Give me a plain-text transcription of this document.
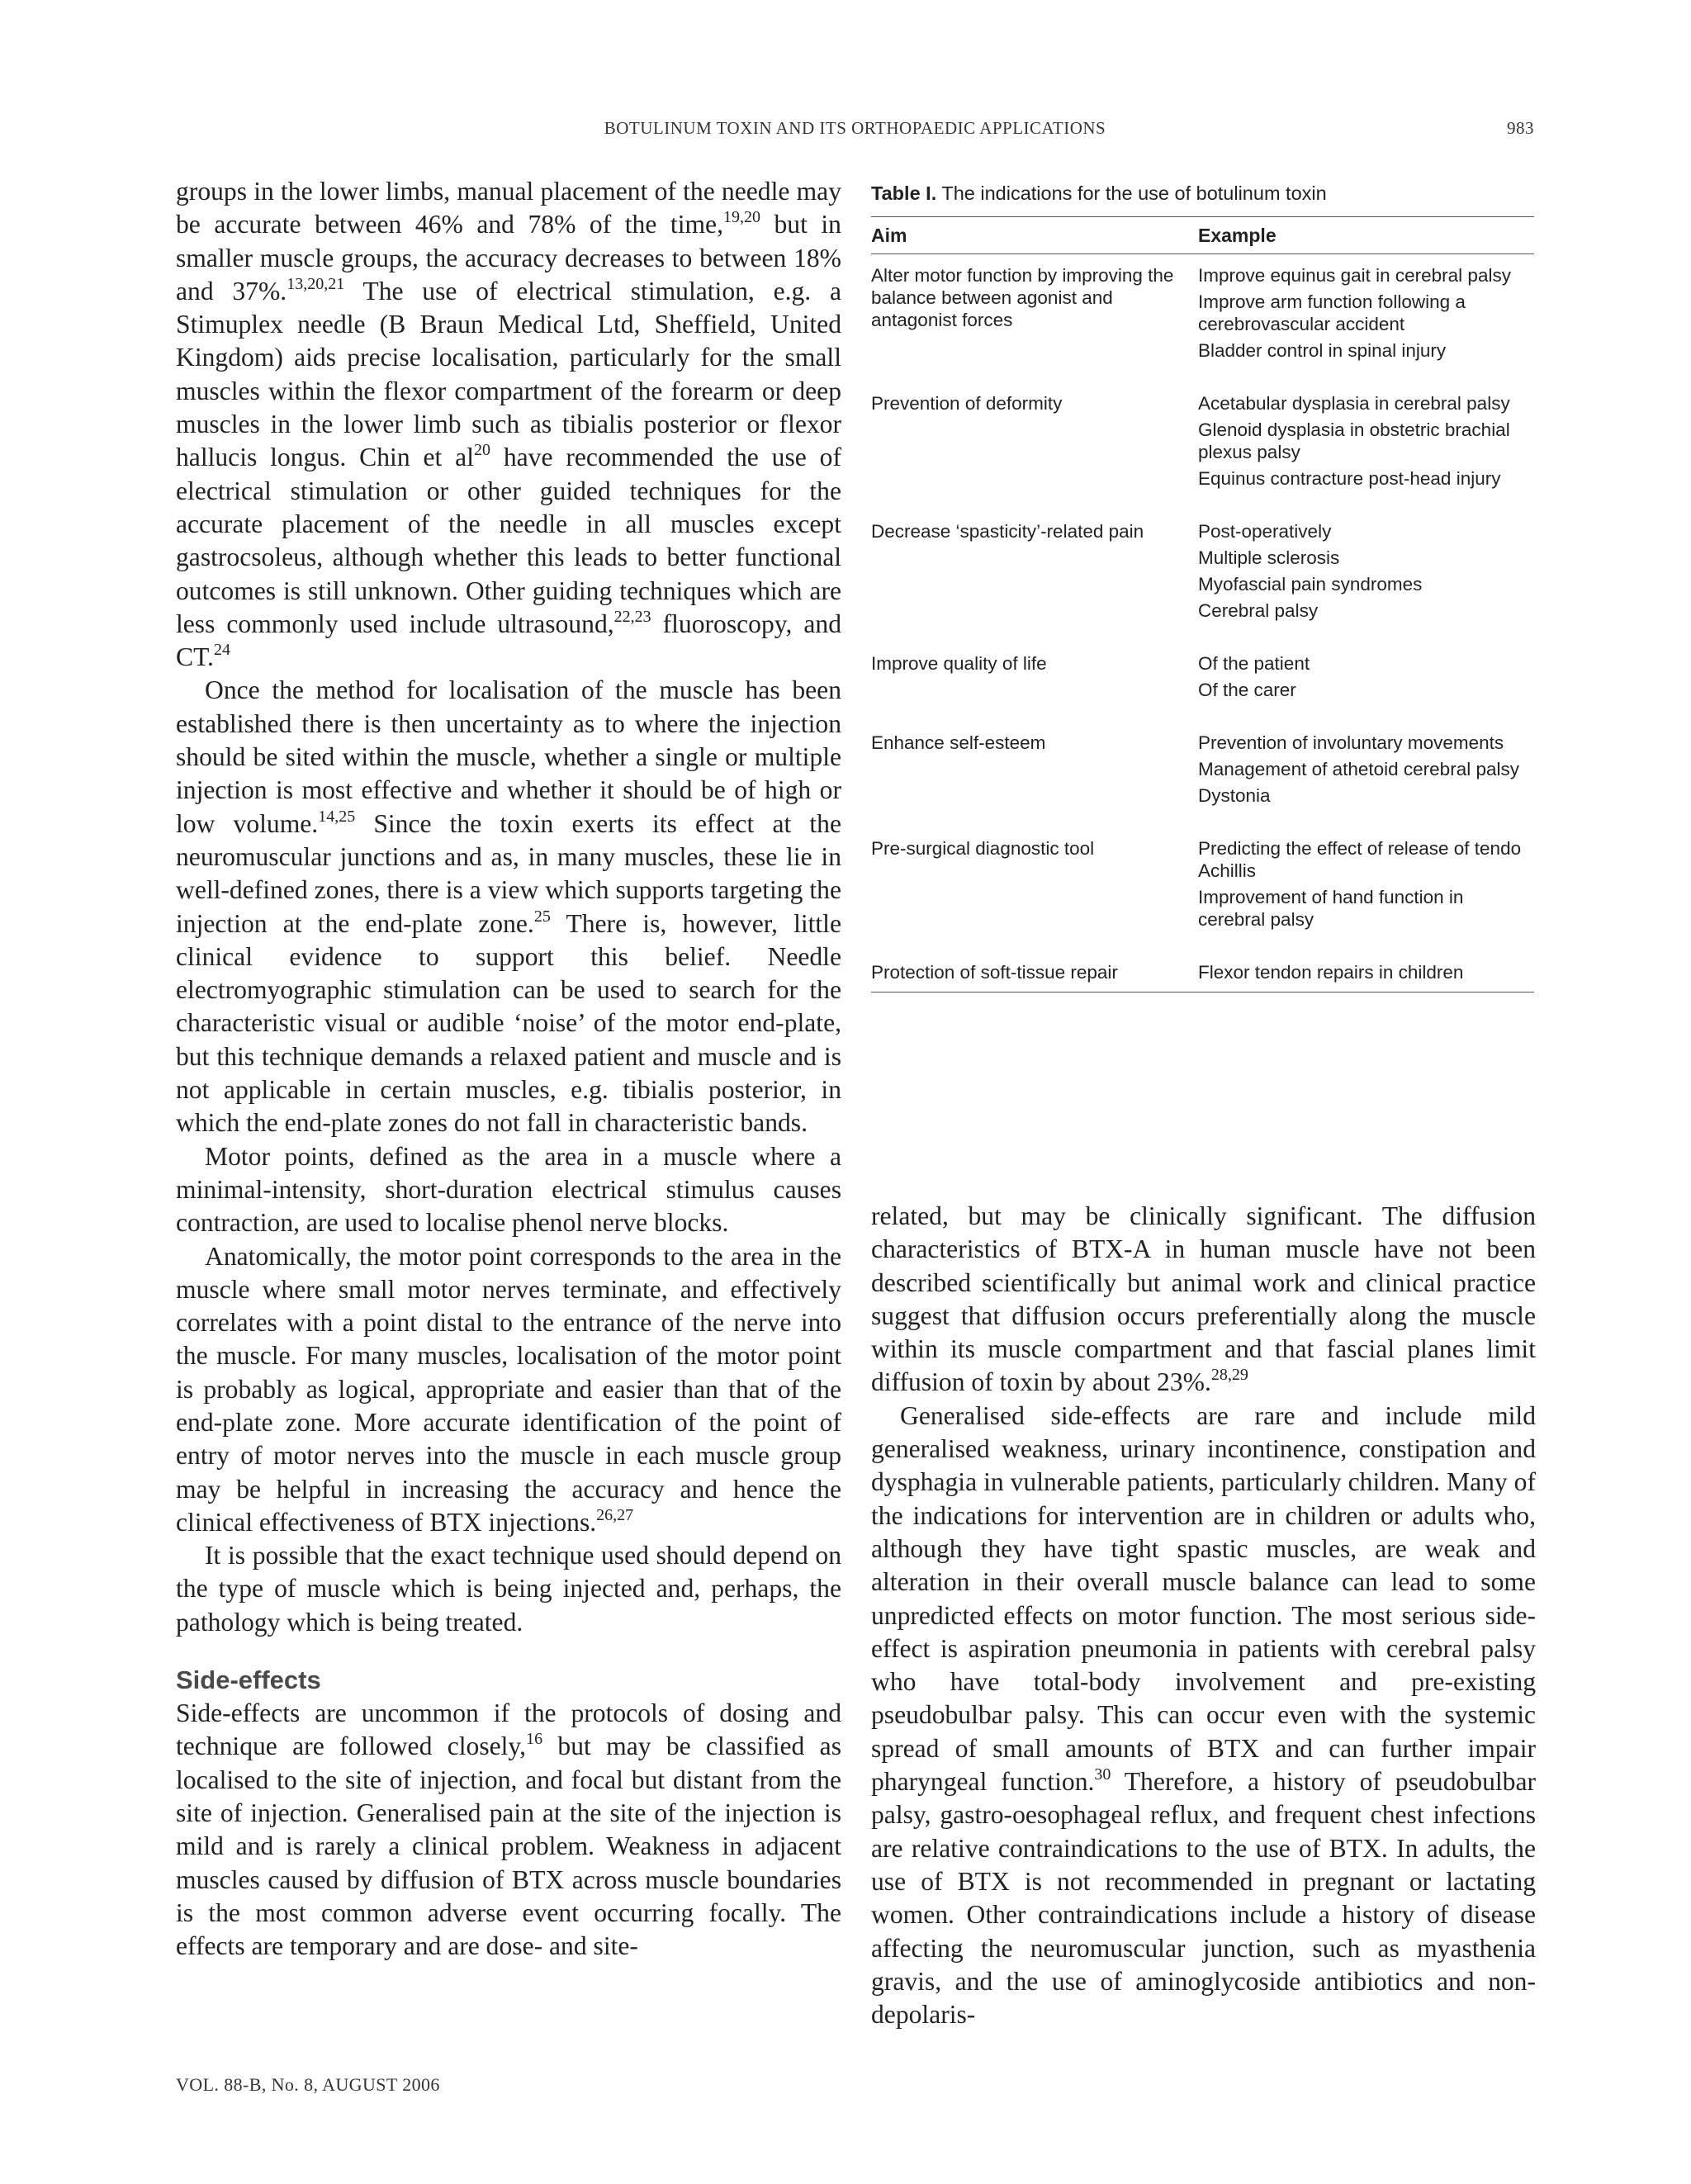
BOTULINUM TOXIN AND ITS ORTHOPAEDIC APPLICATIONS	983

groups in the lower limbs, manual placement of the needle may be accurate between 46% and 78% of the time,$^{19,20}$ but in smaller muscle groups, the accuracy decreases to between 18% and 37%.$^{13,20,21}$ The use of electrical stimulation, e.g. a Stimuplex needle (B Braun Medical Ltd, Sheffield, United Kingdom) aids precise localisation, particularly for the small muscles within the flexor compartment of the forearm or deep muscles in the lower limb such as tibialis posterior or flexor hallucis longus. Chin et $al^{20}$ have recommended the use of electrical stimulation or other guided techniques for the accurate placement of the needle in all muscles except gastrocsoleus, although whether this leads to better functional outcomes is still unknown. Other guiding techniques which are less commonly used include ultrasound,$^{22,23}$ fluoroscopy, and CT.$^{24}$

Once the method for localisation of the muscle has been established there is then uncertainty as to where the injection should be sited within the muscle, whether a single or multiple injection is most effective and whether it should be of high or low volume.$^{14,25}$ Since the toxin exerts its effect at the neuromuscular junctions and as, in many muscles, these lie in well-defined zones, there is a view which supports targeting the injection at the end-plate zone.$^{25}$ There is, however, little clinical evidence to support this belief. Needle electromyographic stimulation can be used to search for the characteristic visual or audible ‘noise’ of the motor end-plate, but this technique demands a relaxed patient and muscle and is not applicable in certain muscles, e.g. tibialis posterior, in which the end-plate zones do not fall in characteristic bands.

Motor points, defined as the area in a muscle where a minimal-intensity, short-duration electrical stimulus causes contraction, are used to localise phenol nerve blocks.

Anatomically, the motor point corresponds to the area in the muscle where small motor nerves terminate, and effectively correlates with a point distal to the entrance of the nerve into the muscle. For many muscles, localisation of the motor point is probably as logical, appropriate and easier than that of the end-plate zone. More accurate identification of the point of entry of motor nerves into the muscle in each muscle group may be helpful in increasing the accuracy and hence the clinical effectiveness of BTX injections.$^{26,27}$

It is possible that the exact technique used should depend on the type of muscle which is being injected and, perhaps, the pathology which is being treated.

Side-effects

Side-effects are uncommon if the protocols of dosing and technique are followed closely,$^{16}$ but may be classified as localised to the site of injection, and focal but distant from the site of injection. Generalised pain at the site of the injection is mild and is rarely a clinical problem. Weakness in adjacent muscles caused by diffusion of BTX across muscle boundaries is the most common adverse event occurring focally. The effects are temporary and are dose- and site-

Table I. The indications for the use of botulinum toxin
Aim	Example
Alter motor function by improving the balance between agonist and antagonist forces	Improve equinus gait in cerebral palsy
Improve arm function following a cerebrovascular accident
Bladder control in spinal injury

Prevention of deformity	Acetabular dysplasia in cerebral palsy
Glenoid dysplasia in obstetric brachial plexus palsy
Equinus contracture post-head injury

Decrease ‘spasticity’-related pain	Post-operatively
Multiple sclerosis
Myofascial pain syndromes
Cerebral palsy

Improve quality of life	Of the patient
Of the carer

Enhance self-esteem	Prevention of involuntary movements
Management of athetoid cerebral palsy
Dystonia

Pre-surgical diagnostic tool	Predicting the effect of release of tendo Achillis
Improvement of hand function in cerebral palsy

Protection of soft-tissue repair	Flexor tendon repairs in children

related, but may be clinically significant. The diffusion characteristics of BTX-A in human muscle have not been described scientifically but animal work and clinical practice suggest that diffusion occurs preferentially along the muscle within its muscle compartment and that fascial planes limit diffusion of toxin by about 23%.$^{28,29}$

Generalised side-effects are rare and include mild generalised weakness, urinary incontinence, constipation and dysphagia in vulnerable patients, particularly children. Many of the indications for intervention are in children or adults who, although they have tight spastic muscles, are weak and alteration in their overall muscle balance can lead to some unpredicted effects on motor function. The most serious side-effect is aspiration pneumonia in patients with cerebral palsy who have total-body involvement and pre-existing pseudobulbar palsy. This can occur even with the systemic spread of small amounts of BTX and can further impair pharyngeal function.$^{30}$ Therefore, a history of pseudobulbar palsy, gastro-oesophageal reflux, and frequent chest infections are relative contraindications to the use of BTX. In adults, the use of BTX is not recommended in pregnant or lactating women. Other contraindications include a history of disease affecting the neuromuscular junction, such as myasthenia gravis, and the use of aminoglycoside antibiotics and non-depolaris-

VOL. 88-B, No. 8, AUGUST 2006
